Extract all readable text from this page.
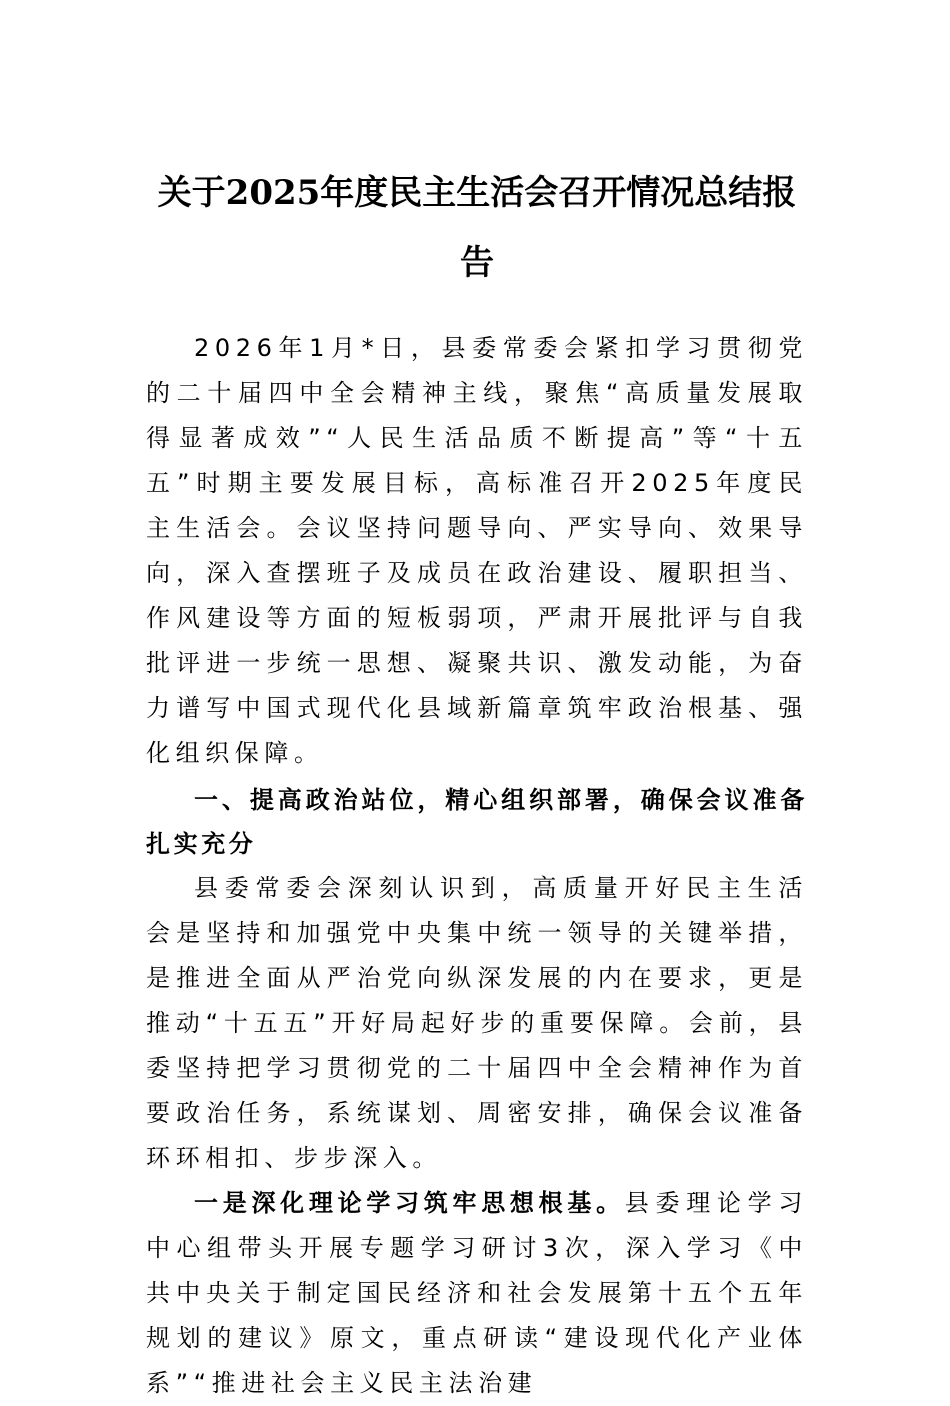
关于2025年度民主生活会召开情况总结报
告

2026年1月*日，县委常委会紧扣学习贯彻党的二十届四中全会精神主线，聚焦“高质量发展取得显著成效”“人民生活品质不断提高”等“十五五”时期主要发展目标，高标准召开2025年度民主生活会。会议坚持问题导向、严实导向、效果导向，深入查摆班子及成员在政治建设、履职担当、作风建设等方面的短板弱项，严肃开展批评与自我批评进一步统一思想、凝聚共识、激发动能，为奋力谱写中国式现代化县域新篇章筑牢政治根基、强化组织保障。

一、提高政治站位，精心组织部署，确保会议准备扎实充分

县委常委会深刻认识到，高质量开好民主生活会是坚持和加强党中央集中统一领导的关键举措，是推进全面从严治党向纵深发展的内在要求，更是推动“十五五”开好局起好步的重要保障。会前，县委坚持把学习贯彻党的二十届四中全会精神作为首要政治任务，系统谋划、周密安排，确保会议准备环环相扣、步步深入。

一是深化理论学习筑牢思想根基。县委理论学习中心组带头开展专题学习研讨3次，深入学习《中共中央关于制定国民经济和社会发展第十五个五年规划的建议》原文，重点研读“建设现代化产业体系”“推进社会主义民主法治建
